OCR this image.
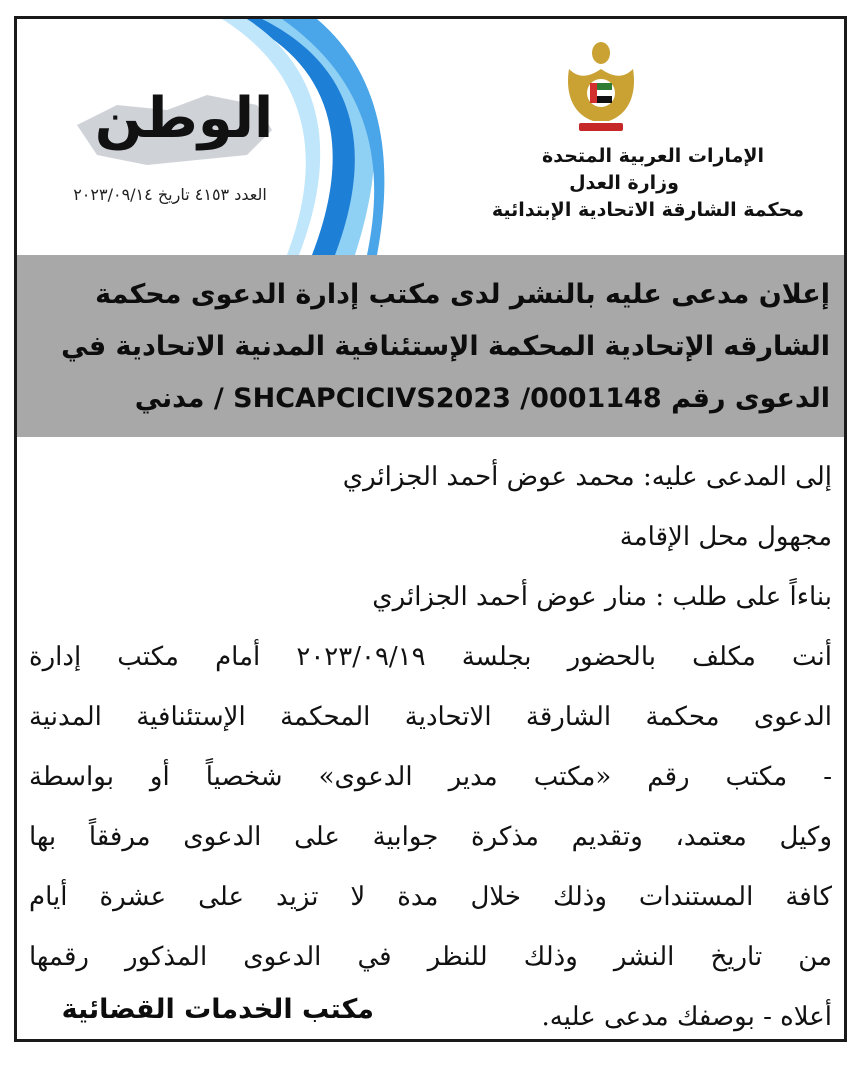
الوطن
العدد ٤١٥٣ تاريخ ٢٠٢٣/٠٩/١٤
الإمارات العربية المتحدة
وزارة العدل
محكمة الشارقة الاتحادية الإبتدائية
إعلان مدعى عليه بالنشر لدى مكتب إدارة الدعوى محكمة
الشارقه الإتحادية المحكمة الإستئنافية المدنية الاتحادية في
الدعوى رقم SHCAPCICIVS2023 /0001148 / مدني
إلى المدعى عليه: محمد عوض أحمد الجزائري
مجهول محل الإقامة
بناءاً على طلب : منار عوض أحمد الجزائري
أنت مكلف بالحضور بجلسة ٢٠٢٣/٠٩/١٩ أمام مكتب إدارة
الدعوى محكمة الشارقة الاتحادية المحكمة الإستئنافية المدنية
- مكتب رقم «مكتب مدير الدعوى» شخصياً أو بواسطة
وكيل معتمد، وتقديم مذكرة جوابية على الدعوى مرفقاً بها
كافة المستندات وذلك خلال مدة لا تزيد على عشرة أيام
من تاريخ النشر وذلك للنظر في الدعوى المذكور رقمها
أعلاه - بوصفك مدعى عليه.
مكتب الخدمات القضائية
